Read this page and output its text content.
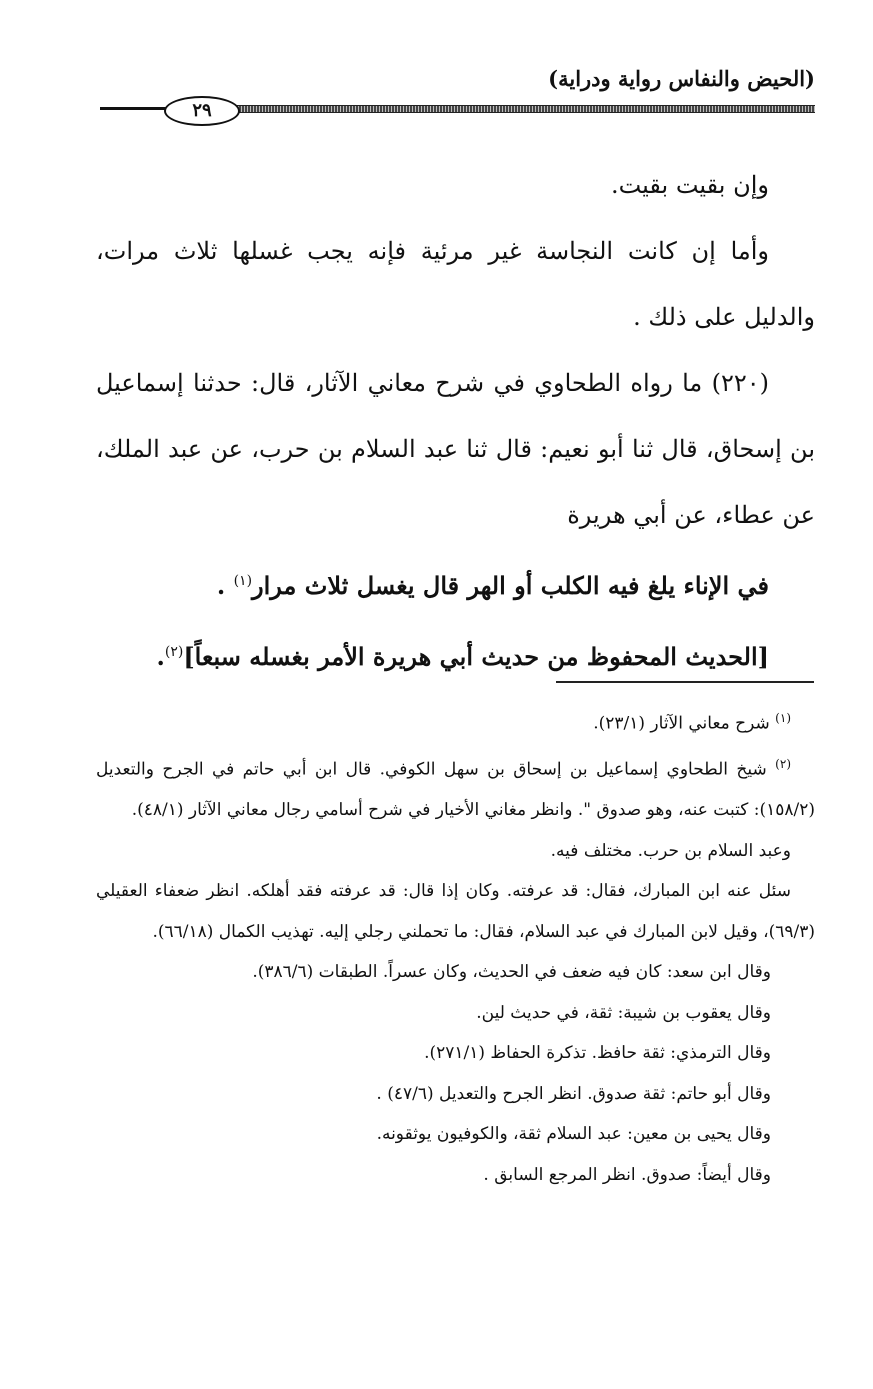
(الحيض والنفاس رواية ودراية)
٢٩

وإن بقيت بقيت.

وأما إن كانت النجاسة غير مرئية فإنه يجب غسلها ثلاث مرات، والدليل على ذلك .

(٢٢٠) ما رواه الطحاوي في شرح معاني الآثار، قال: حدثنا إسماعيل بن إسحاق، قال ثنا أبو نعيم: قال ثنا عبد السلام بن حرب، عن عبد الملك، عن عطاء، عن أبي هريرة

في الإناء يلغ فيه الكلب أو الهر قال يغسل ثلاث مرار$^{(١)}$ .

[الحديث المحفوظ من حديث أبي هريرة الأمر بغسله سبعاً]$^{(٢)}$.

$^{(١)}$ شرح معاني الآثار (٢٣/١).

$^{(٢)}$ شيخ الطحاوي إسماعيل بن إسحاق بن سهل الكوفي. قال ابن أبي حاتم في الجرح والتعديل (١٥٨/٢): كتبت عنه، وهو صدوق ". وانظر مغاني الأخيار في شرح أسامي رجال معاني الآثار (٤٨/١).

وعبد السلام بن حرب. مختلف فيه.

سئل عنه ابن المبارك، فقال: قد عرفته. وكان إذا قال: قد عرفته فقد أهلكه. انظر ضعفاء العقيلي (٦٩/٣)، وقيل لابن المبارك في عبد السلام، فقال: ما تحملني رجلي إليه. تهذيب الكمال (٦٦/١٨).

وقال ابن سعد: كان فيه ضعف في الحديث، وكان عسراً. الطبقات (٣٨٦/٦).

وقال يعقوب بن شيبة: ثقة، في حديث لين.

وقال الترمذي: ثقة حافظ. تذكرة الحفاظ (٢٧١/١).

وقال أبو حاتم: ثقة صدوق. انظر الجرح والتعديل (٤٧/٦) .

وقال يحيى بن معين: عبد السلام ثقة، والكوفيون يوثقونه.

وقال أيضاً: صدوق. انظر المرجع السابق .
